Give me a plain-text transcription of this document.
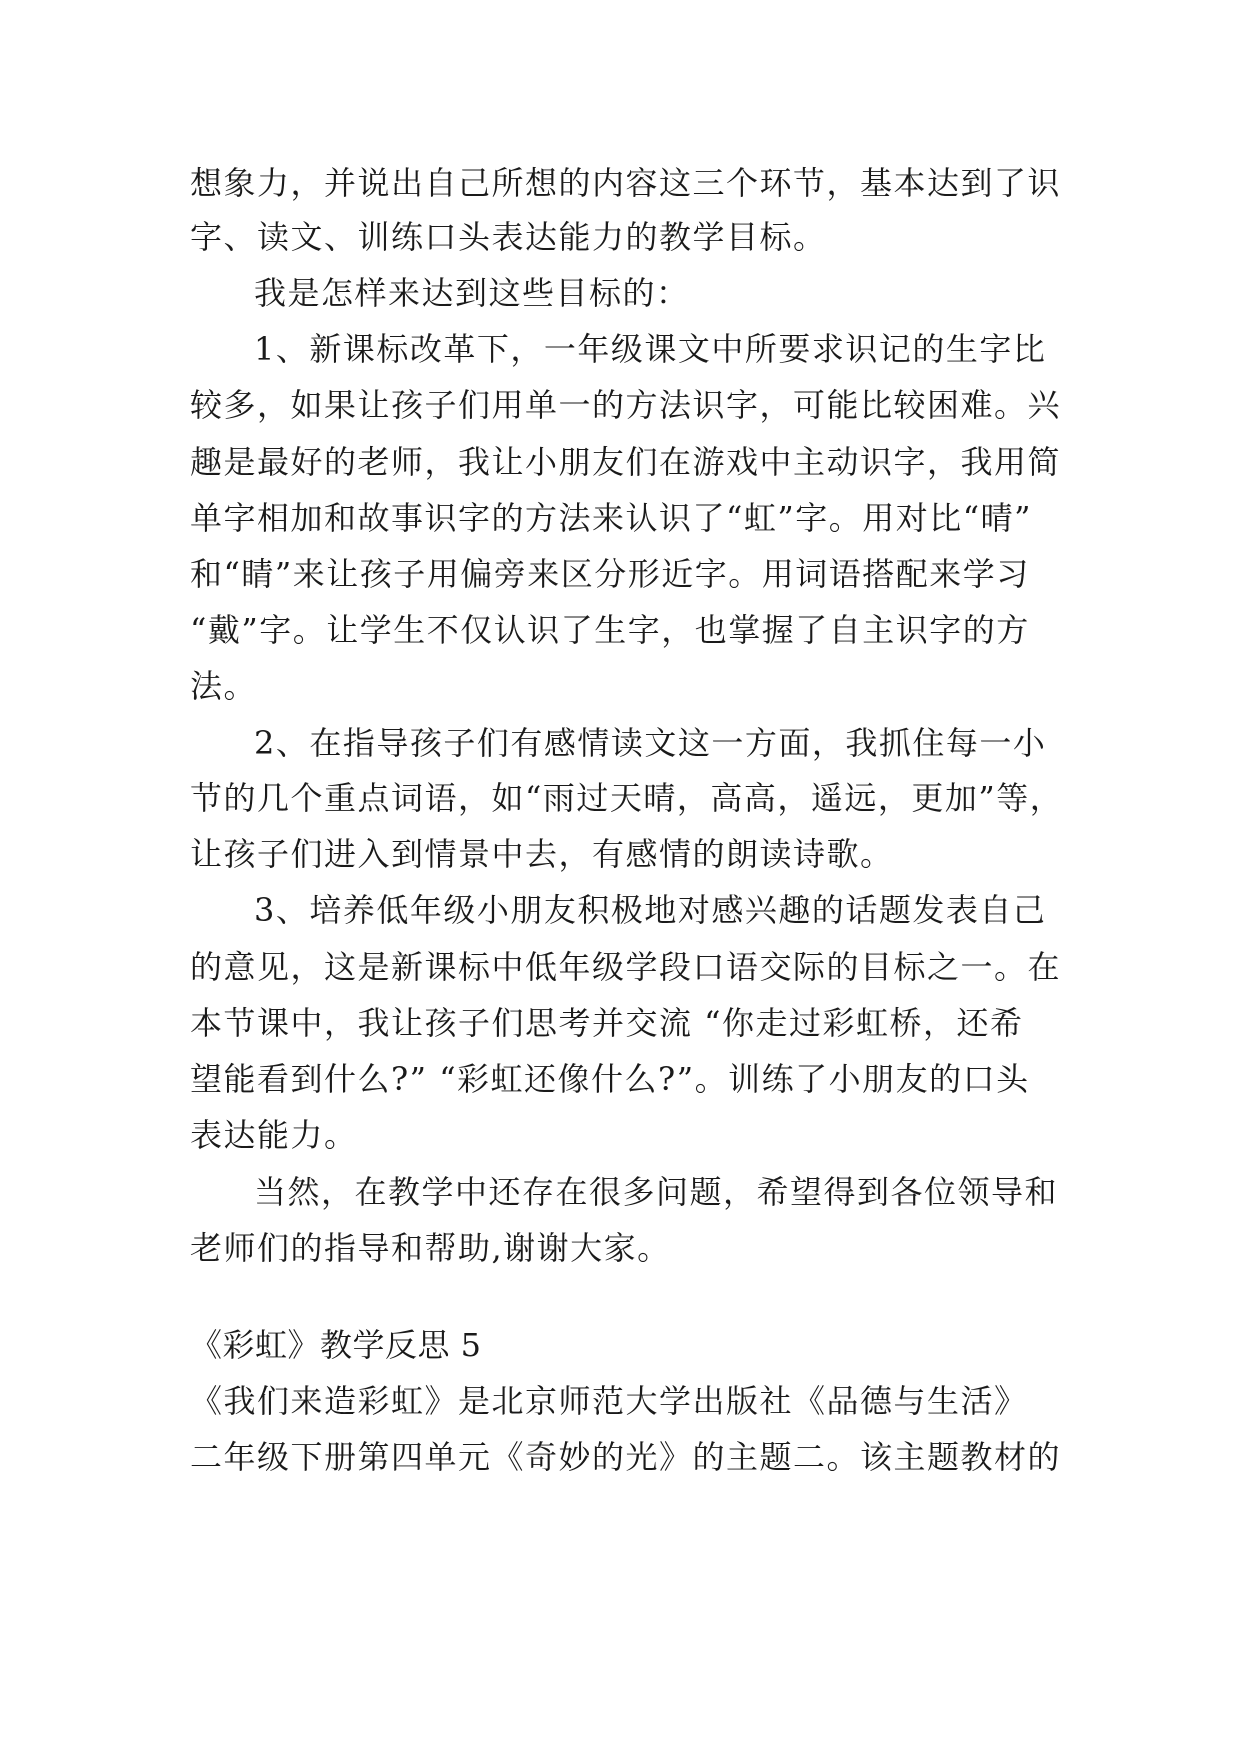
想象力，并说出自己所想的内容这三个环节，基本达到了识
字、读文、训练口头表达能力的教学目标。
我是怎样来达到这些目标的：
1、新课标改革下，一年级课文中所要求识记的生字比
较多，如果让孩子们用单一的方法识字，可能比较困难。兴
趣是最好的老师，我让小朋友们在游戏中主动识字，我用简
单字相加和故事识字的方法来认识了“虹”字。用对比“晴”
和“睛”来让孩子用偏旁来区分形近字。用词语搭配来学习
“戴”字。让学生不仅认识了生字，也掌握了自主识字的方
法。
2、在指导孩子们有感情读文这一方面，我抓住每一小
节的几个重点词语，如“雨过天晴，高高，遥远，更加”等，
让孩子们进入到情景中去，有感情的朗读诗歌。
3、培养低年级小朋友积极地对感兴趣的话题发表自己
的意见，这是新课标中低年级学段口语交际的目标之一。在
本节课中，我让孩子们思考并交流 “你走过彩虹桥，还希
望能看到什么?” “彩虹还像什么?”。训练了小朋友的口头
表达能力。
当然，在教学中还存在很多问题，希望得到各位领导和
老师们的指导和帮助,谢谢大家。
《彩虹》教学反思 5
《我们来造彩虹》是北京师范大学出版社《品德与生活》
二年级下册第四单元《奇妙的光》的主题二。该主题教材的
